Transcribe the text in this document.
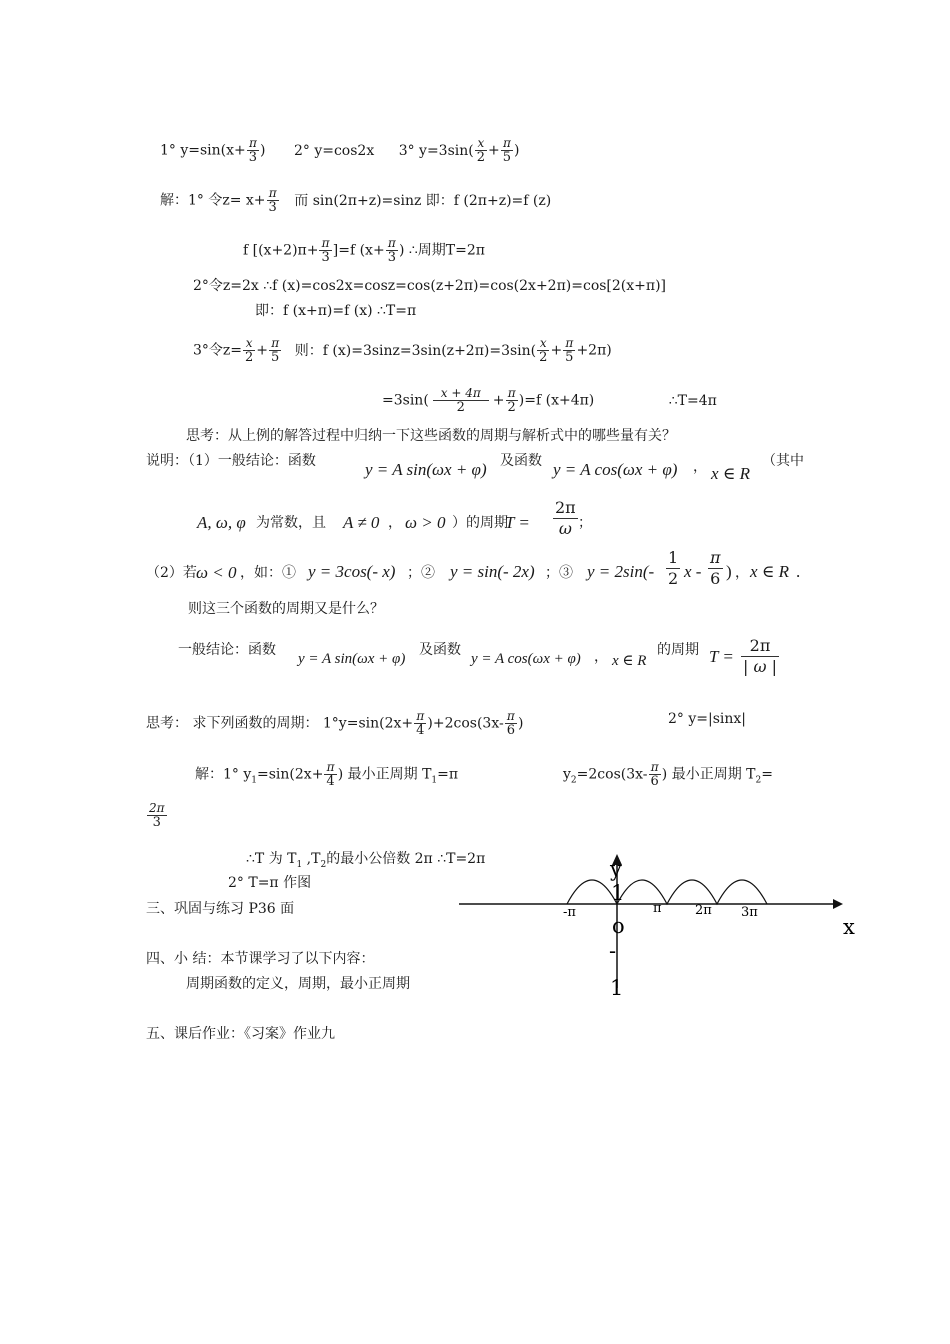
1° $y=\sin(x+ \frac{\pi}{3}$ ) 2° y=cos2x 3° $y=3\sin( \frac{x}{2} + \frac{\pi}{5}$ )
解：1° 令$z= x+ \frac{\pi}{3}$ 而 sin(2π+z)=sinz 即：f (2π+z)=f (z)
f $[(x+2)\pi+ \frac{\pi}{3} ]=f$ ($x+ \frac{\pi}{3}$ ) ∴周期T=2π
2°令z=2x ∴f (x)=cos2x=cosz=cos(z+2π)=cos(2x+2π)=cos[2(x+π)]
即：f (x+π)=f (x) ∴T=π
3°令$z= \frac{x}{2} + \frac{\pi}{5}$ 则：f $(x)=3\sin z=3\sin(z+2\pi)=3\sin( \frac{x}{2} + \frac{\pi}{5} +2\pi)$
$=3\sin( \frac{x + 4\pi}{2} + \frac{\pi}{2} )=f$ (x+4π)	∴T=4π
思考：从上例的解答过程中归纳一下这些函数的周期与解析式中的哪些量有关？
说明：（1）一般结论：函数	y = A sin(ωx + φ) 及函数 y = A cos(ωx + φ) ， x ∈ R
（其中
A, ω, φ 为常数，且 A ≠ 0 ， ω > 0 ）的周期
$T = \frac{2\pi}{\omega}$ ；
（2）若 ω < 0 ，如：① y = 3cos(- x) ；② y = sin(- 2x) ；③ $y = 2\sin(- \frac{1}{2}$ x - $\frac{\pi}{6}$ ) ， x ∈ R .
则这三个函数的周期又是什么？
一般结论：函数
y = A sin(ωx + φ)
及函数
y = A cos(ωx + φ) ， x ∈ R
的周期 $T = \frac{2\pi}{| \omega |}$
思考： 求下列函数的周期： $1^\circ y=\sin(2x+ \frac{\pi}{4} )+2\cos(3x- \frac{\pi}{6}$ )	2° y=|sinx|
解：1° $y_1=\sin(2x+ \frac{\pi}{4}$ ) 最小正周期 $T_1=\pi$	$y_2=2\cos(3x- \frac{\pi}{6}$ ) 最小正周期 $T_2=$
$\frac{2\pi}{3}$
∴T 为 $T_1$ $,T_2$的最小公倍数 2π ∴T=2π
2° T=π 作图
三、巩固与练习 P36 面
四、小 结：本节课学习了以下内容：
周期函数的定义，周期，最小正周期
五、课后作业：《习案》作业九
y
1
o	x
-
1
-π	π	2π 3π
